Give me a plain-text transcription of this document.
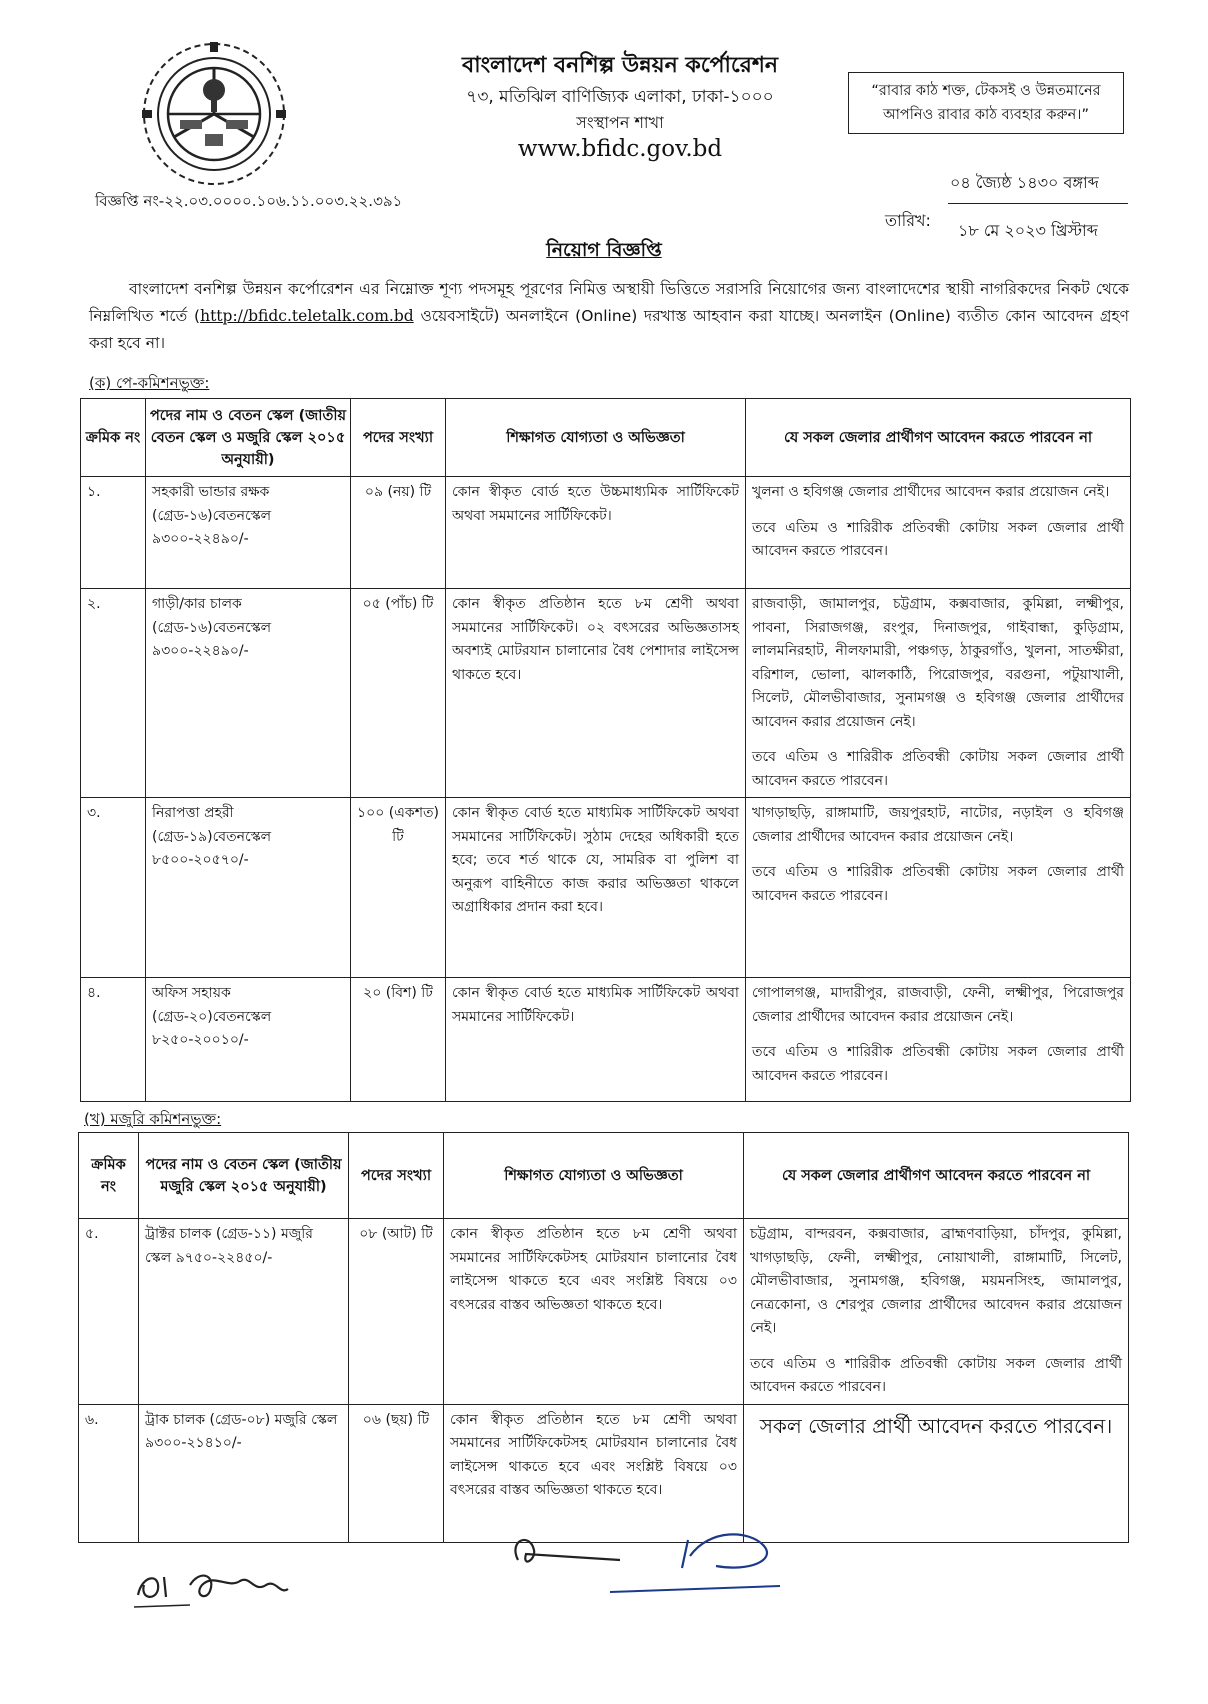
বাংলাদেশ বনশিল্প উন্নয়ন কর্পোরেশন
৭৩, মতিঝিল বাণিজ্যিক এলাকা, ঢাকা-১০০০
সংস্থাপন শাখা
www.bfidc.gov.bd
“রাবার কাঠ শক্ত, টেকসই ও উন্নতমানের আপনিও রাবার কাঠ ব্যবহার করুন।”
বিজ্ঞপ্তি নং-২২.০৩.০০০০.১০৬.১১.০০৩.২২.৩৯১
০৪ জ্যৈষ্ঠ ১৪৩০ বঙ্গাব্দ
তারিখ:
১৮ মে ২০২৩ খ্রিস্টাব্দ
নিয়োগ বিজ্ঞপ্তি
বাংলাদেশ বনশিল্প উন্নয়ন কর্পোরেশন এর নিম্নোক্ত শূণ্য পদসমূহ পূরণের নিমিত্ত অস্থায়ী ভিত্তিতে সরাসরি নিয়োগের জন্য বাংলাদেশের স্থায়ী নাগরিকদের নিকট থেকে নিম্নলিখিত শর্তে (http://bfidc.teletalk.com.bd ওয়েবসাইটে) অনলাইনে (Online) দরখাস্ত আহবান করা যাচ্ছে। অনলাইন (Online) ব্যতীত কোন আবেদন গ্রহণ করা হবে না।
(ক) পে-কমিশনভুক্ত:
ক্রমিক নং	পদের নাম ও বেতন স্কেল (জাতীয় বেতন স্কেল ও মজুরি স্কেল ২০১৫ অনুযায়ী)	পদের সংখ্যা	শিক্ষাগত যোগ্যতা ও অভিজ্ঞতা	যে সকল জেলার প্রার্থীগণ আবেদন করতে পারবেন না
১.	সহকারী ভান্ডার রক্ষক (গ্রেড-১৬)বেতনস্কেল ৯৩০০-২২৪৯০/-	০৯ (নয়) টি	কোন স্বীকৃত বোর্ড হতে উচ্চমাধ্যমিক সার্টিফিকেট অথবা সমমানের সার্টিফিকেট।	খুলনা ও হবিগঞ্জ জেলার প্রার্থীদের আবেদন করার প্রয়োজন নেই।
তবে এতিম ও শারিরীক প্রতিবন্ধী কোটায় সকল জেলার প্রার্থী আবেদন করতে পারবেন।

২.	গাড়ী/কার চালক (গ্রেড-১৬)বেতনস্কেল ৯৩০০-২২৪৯০/-	০৫ (পাঁচ) টি	কোন স্বীকৃত প্রতিষ্ঠান হতে ৮ম শ্রেণী অথবা সমমানের সার্টিফিকেট। ০২ বৎসরের অভিজ্ঞতাসহ অবশ্যই মোটরযান চালানোর বৈধ পেশাদার লাইসেন্স থাকতে হবে।	রাজবাড়ী, জামালপুর, চট্টগ্রাম, কক্সবাজার, কুমিল্লা, লক্ষ্মীপুর, পাবনা, সিরাজগঞ্জ, রংপুর, দিনাজপুর, গাইবান্ধা, কুড়িগ্রাম, লালমনিরহাট, নীলফামারী, পঞ্চগড়, ঠাকুরগাঁও, খুলনা, সাতক্ষীরা, বরিশাল, ভোলা, ঝালকাঠি, পিরোজপুর, বরগুনা, পটুয়াখালী, সিলেট, মৌলভীবাজার, সুনামগঞ্জ ও হবিগঞ্জ জেলার প্রার্থীদের আবেদন করার প্রয়োজন নেই।
তবে এতিম ও শারিরীক প্রতিবন্ধী কোটায় সকল জেলার প্রার্থী আবেদন করতে পারবেন।

৩.	নিরাপত্তা প্রহরী (গ্রেড-১৯)বেতনস্কেল ৮৫০০-২০৫৭০/-	১০০ (একশত) টি	কোন স্বীকৃত বোর্ড হতে মাধ্যমিক সার্টিফিকেট অথবা সমমানের সার্টিফিকেট। সুঠাম দেহের অধিকারী হতে হবে; তবে শর্ত থাকে যে, সামরিক বা পুলিশ বা অনুরূপ বাহিনীতে কাজ করার অভিজ্ঞতা থাকলে অগ্রাধিকার প্রদান করা হবে।	খাগড়াছড়ি, রাঙ্গামাটি, জয়পুরহাট, নাটোর, নড়াইল ও হবিগঞ্জ জেলার প্রার্থীদের আবেদন করার প্রয়োজন নেই।
তবে এতিম ও শারিরীক প্রতিবন্ধী কোটায় সকল জেলার প্রার্থী আবেদন করতে পারবেন।

৪.	অফিস সহায়ক (গ্রেড-২০)বেতনস্কেল ৮২৫০-২০০১০/-	২০ (বিশ) টি	কোন স্বীকৃত বোর্ড হতে মাধ্যমিক সার্টিফিকেট অথবা সমমানের সার্টিফিকেট।	গোপালগঞ্জ, মাদারীপুর, রাজবাড়ী, ফেনী, লক্ষ্মীপুর, পিরোজপুর জেলার প্রার্থীদের আবেদন করার প্রয়োজন নেই।
তবে এতিম ও শারিরীক প্রতিবন্ধী কোটায় সকল জেলার প্রার্থী আবেদন করতে পারবেন।
(খ) মজুরি কমিশনভুক্ত:
ক্রমিক নং	পদের নাম ও বেতন স্কেল (জাতীয় মজুরি স্কেল ২০১৫ অনুযায়ী)	পদের সংখ্যা	শিক্ষাগত যোগ্যতা ও অভিজ্ঞতা	যে সকল জেলার প্রার্থীগণ আবেদন করতে পারবেন না
৫.	ট্রাক্টর চালক (গ্রেড-১১) মজুরি স্কেল ৯৭৫০-২২৪৫০/-	০৮ (আট) টি	কোন স্বীকৃত প্রতিষ্ঠান হতে ৮ম শ্রেণী অথবা সমমানের সার্টিফিকেটসহ মোটরযান চালানোর বৈধ লাইসেন্স থাকতে হবে এবং সংশ্লিষ্ট বিষয়ে ০৩ বৎসরের বাস্তব অভিজ্ঞতা থাকতে হবে।	চট্টগ্রাম, বান্দরবন, কক্সবাজার, ব্রাহ্মণবাড়িয়া, চাঁদপুর, কুমিল্লা, খাগড়াছড়ি, ফেনী, লক্ষ্মীপুর, নোয়াখালী, রাঙ্গামাটি, সিলেট, মৌলভীবাজার, সুনামগঞ্জ, হবিগঞ্জ, ময়মনসিংহ, জামালপুর, নেত্রকোনা, ও শেরপুর জেলার প্রার্থীদের আবেদন করার প্রয়োজন নেই।
তবে এতিম ও শারিরীক প্রতিবন্ধী কোটায় সকল জেলার প্রার্থী আবেদন করতে পারবেন।

৬.	ট্রাক চালক (গ্রেড-০৮) মজুরি স্কেল ৯৩০০-২১৪১০/-	০৬ (ছয়) টি	কোন স্বীকৃত প্রতিষ্ঠান হতে ৮ম শ্রেণী অথবা সমমানের সার্টিফিকেটসহ মোটরযান চালানোর বৈধ লাইসেন্স থাকতে হবে এবং সংশ্লিষ্ট বিষয়ে ০৩ বৎসরের বাস্তব অভিজ্ঞতা থাকতে হবে।	সকল জেলার প্রার্থী আবেদন করতে পারবেন।
